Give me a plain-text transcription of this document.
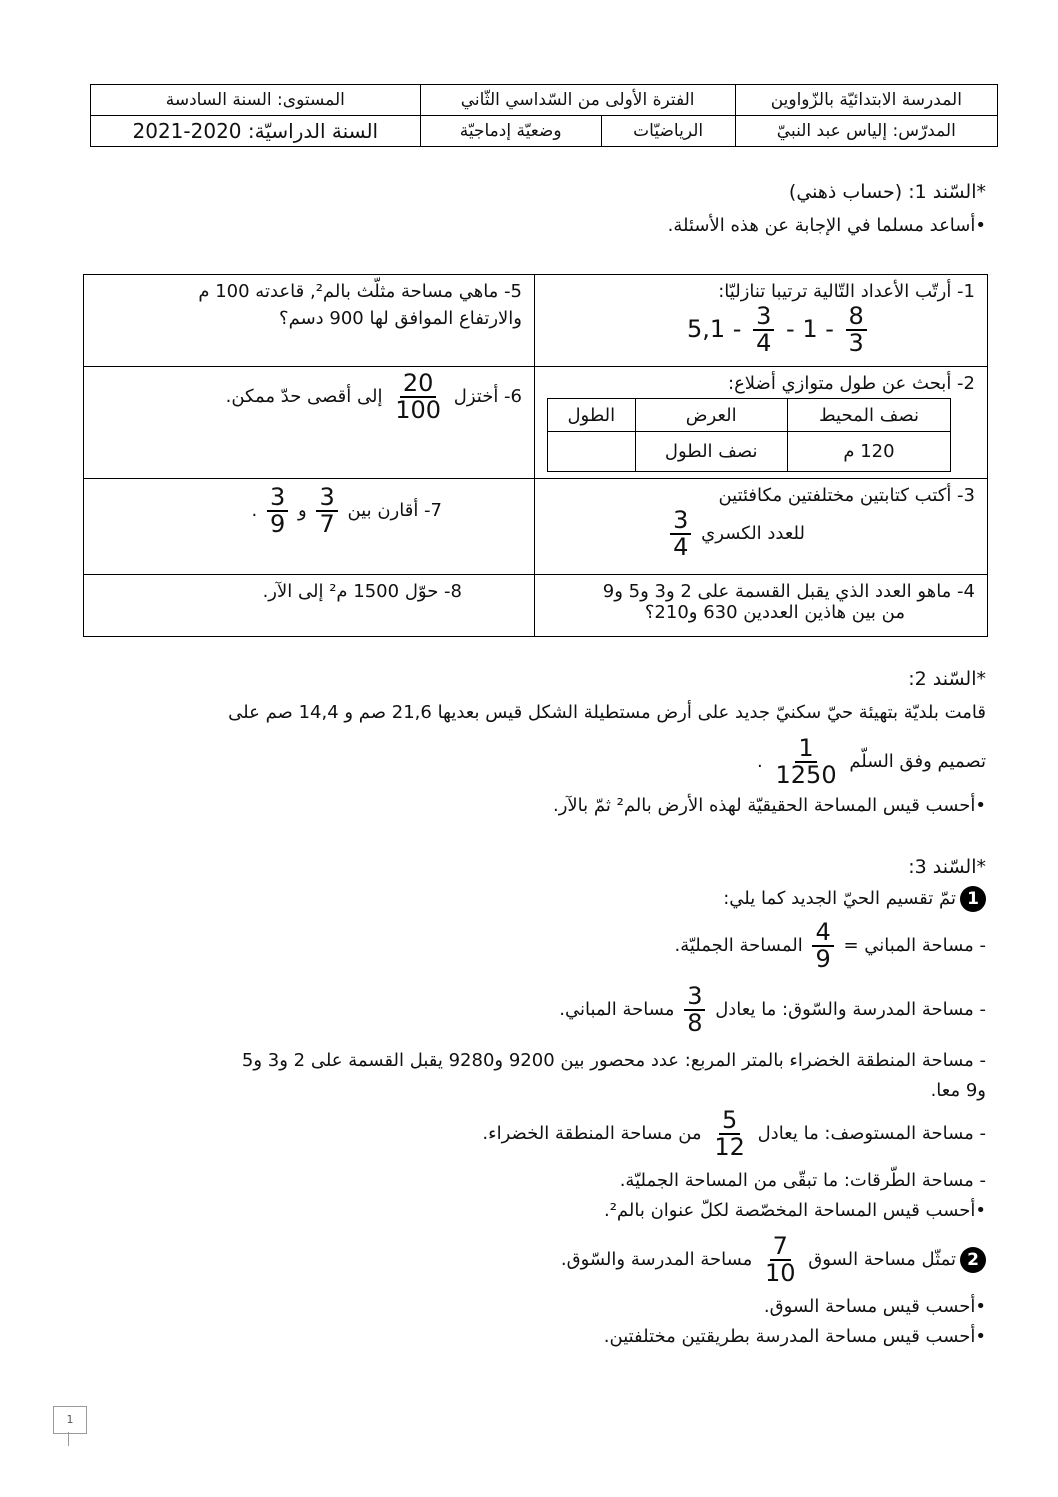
المدرسة الابتدائيّة بالزّواوين	الفترة الأولى من السّداسي الثّاني		المستوى: السنة السادسة
المدرّس: إلياس عبد النبيّ	الرياضيّات	وضعيّة إدماجيّة	السنة الدراسيّة: 2020-2021
*السّند 1: (حساب ذهني)
•أساعد مسلما في الإجابة عن هذه الأسئلة.
1- أرتّب الأعداد التّالية ترتيبا تنازليّا:
$5,1 - \frac{3}{4} - 1 - \frac{8}{3}$

5- ماهي مساحة مثلّث بالم², قاعدته 100 م
والارتفاع الموافق لها 900 دسم؟

2- أبحث عن طول متوازي أضلاع:
نصف المحيط	العرض	الطول
120 م	نصف الطول	

6- أختزل
$\frac{20}{100}$
إلى أقصى حدّ ممكن.

3- أكتب كتابتين مختلفتين مكافئتين
للعدد الكسري
$\frac{3}{4}$

7- أقارن بين
$\frac{3}{7}$
و
$\frac{3}{9}$
.

4- ماهو العدد الذي يقبل القسمة على 2 و3 و5 و9
من بين هاذين العددين 630 و210؟

8- حوّل 1500 م² إلى الآر.
*السّند 2:
قامت بلديّة بتهيئة حيّ سكنيّ جديد على أرض مستطيلة الشكل قيس بعديها 21,6 صم و 14,4 صم على
تصميم وفق السلّم
$\frac{1}{1250}$
.
•أحسب قيس المساحة الحقيقيّة لهذه الأرض بالم² ثمّ بالآر.
*السّند 3:
1تمّ تقسيم الحيّ الجديد كما يلي:
- مساحة المباني =
$\frac{4}{9}$
المساحة الجمليّة.
- مساحة المدرسة والسّوق: ما يعادل
$\frac{3}{8}$
مساحة المباني.
- مساحة المنطقة الخضراء بالمتر المربع: عدد محصور بين 9200 و9280 يقبل القسمة على 2 و3 و5
و9 معا.
- مساحة المستوصف: ما يعادل
$\frac{5}{12}$
من مساحة المنطقة الخضراء.
- مساحة الطّرقات: ما تبقّى من المساحة الجمليّة.
•أحسب قيس المساحة المخصّصة لكلّ عنوان بالم².
2تمثّل مساحة السوق
$\frac{7}{10}$
مساحة المدرسة والسّوق.
•أحسب قيس مساحة السوق.
•أحسب قيس مساحة المدرسة بطريقتين مختلفتين.
1
